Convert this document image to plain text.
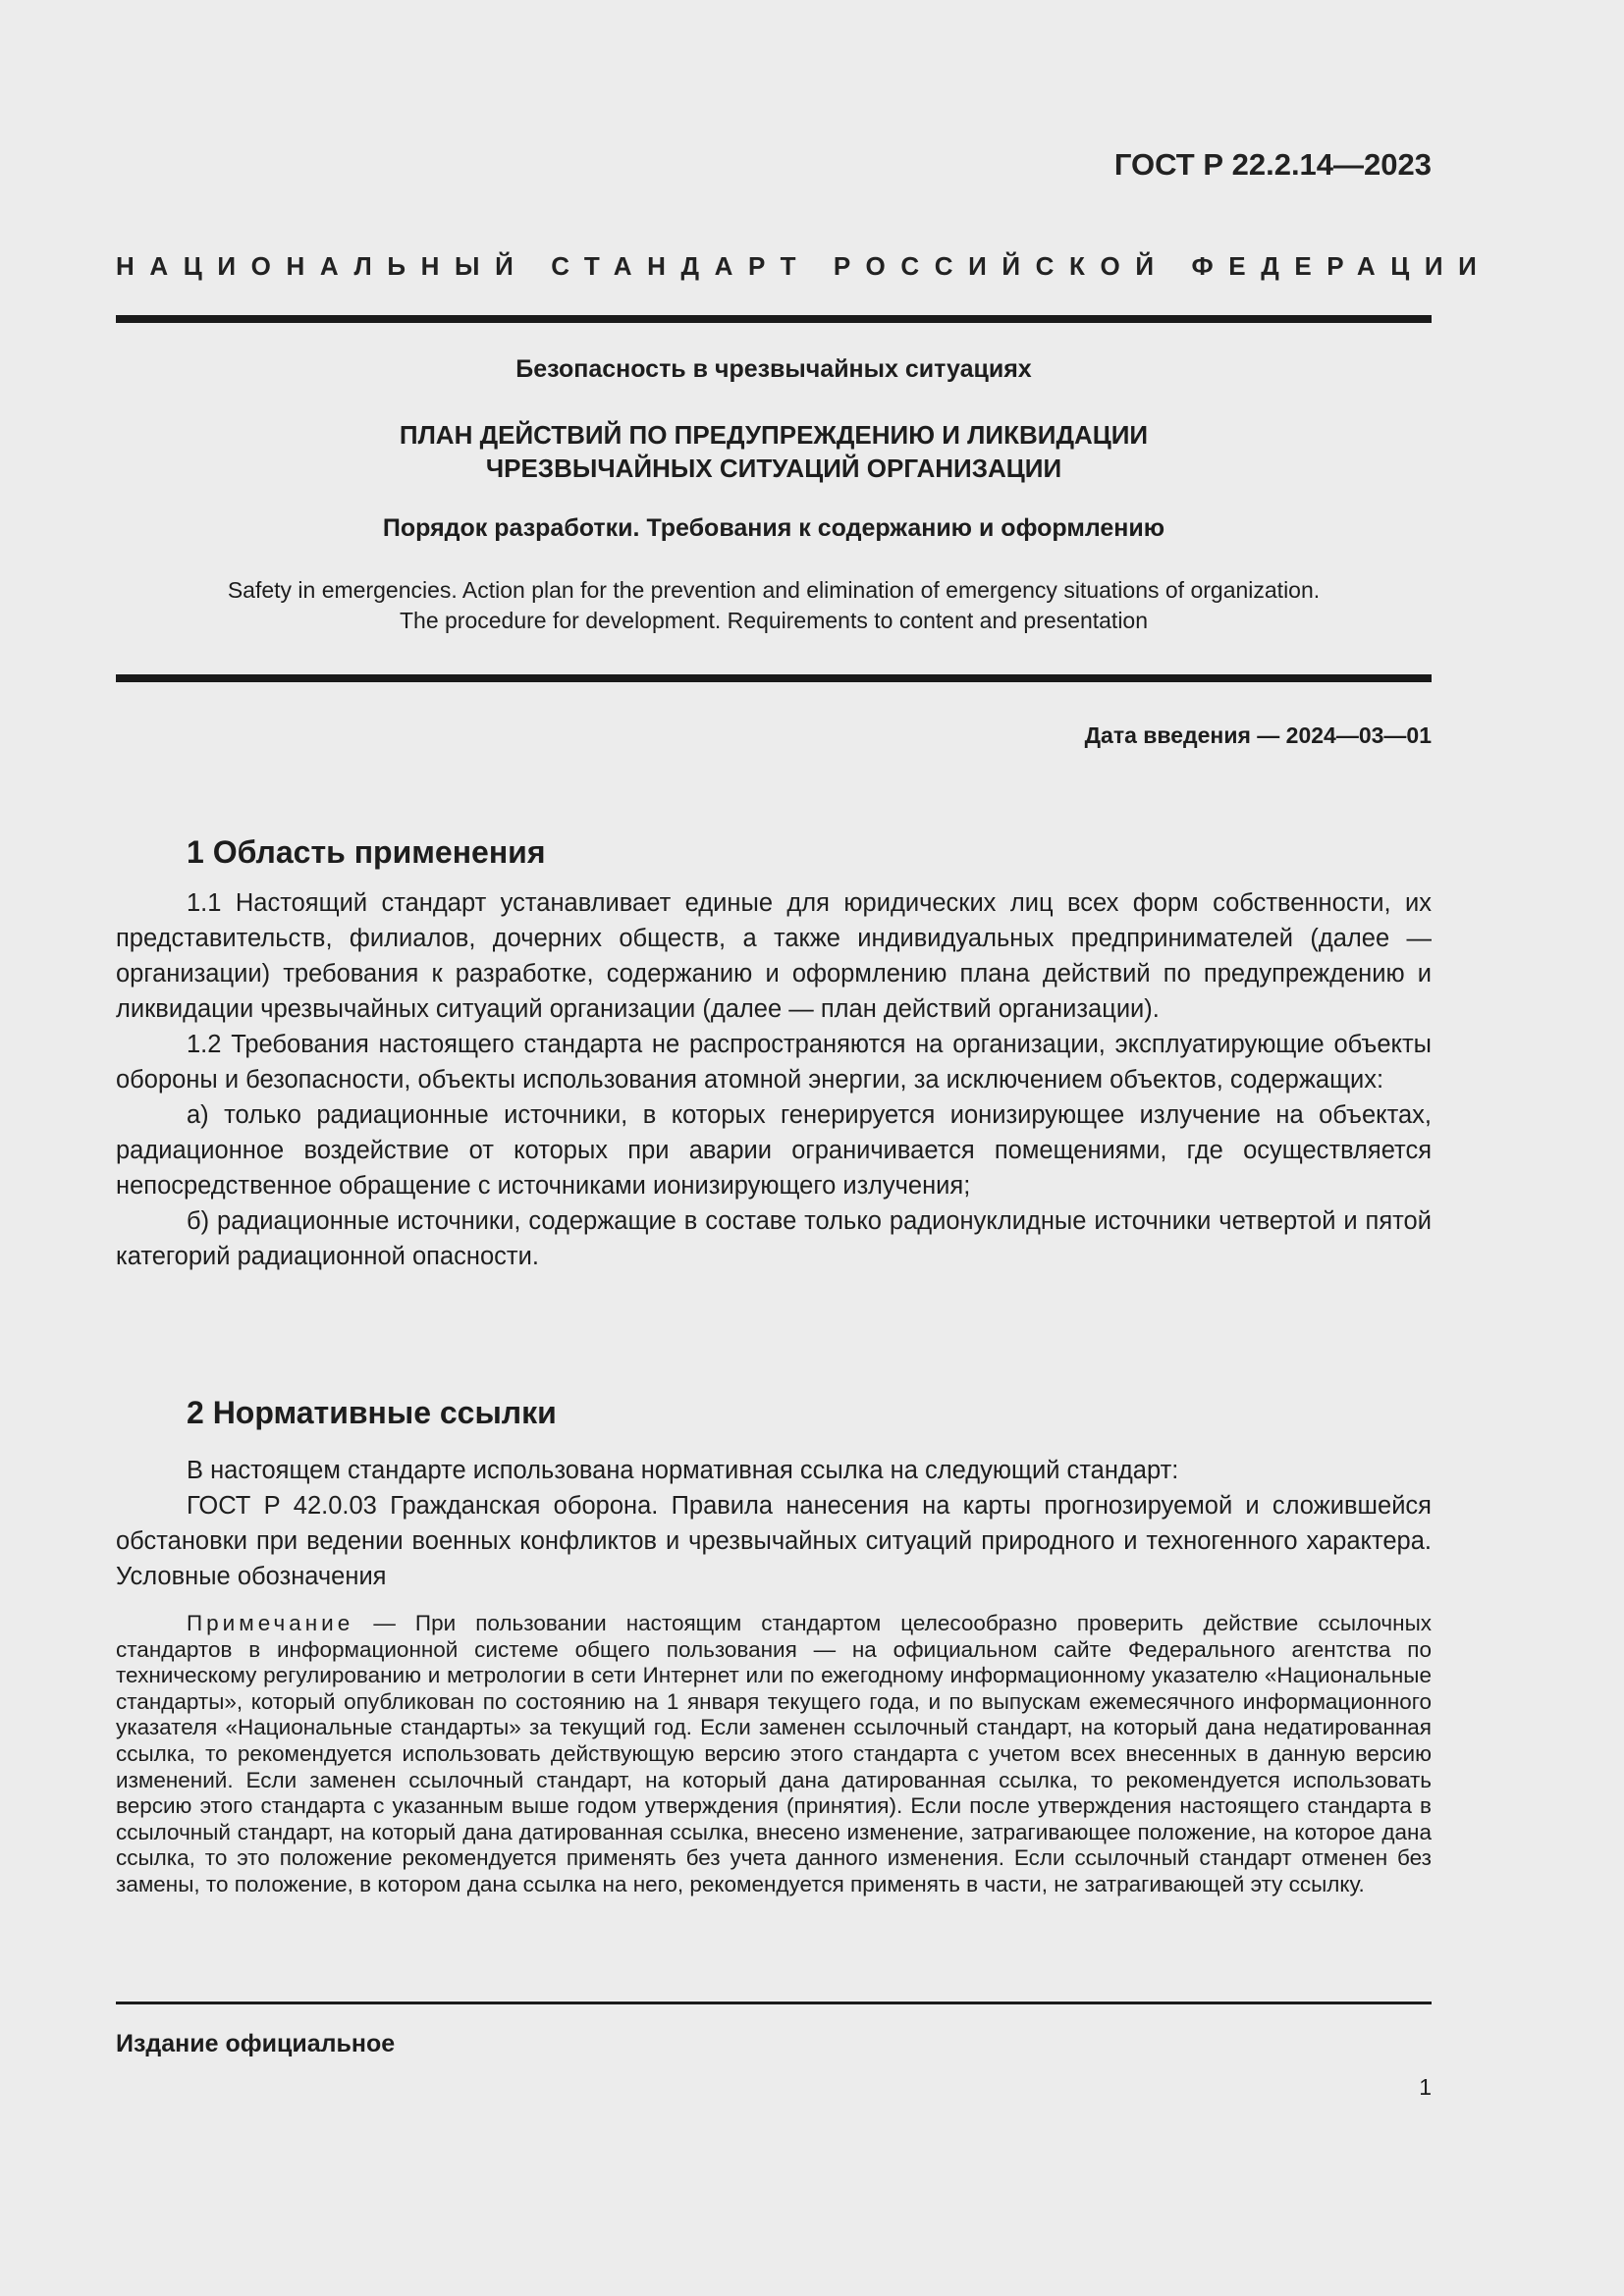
ГОСТ Р 22.2.14—2023
НАЦИОНАЛЬНЫЙ СТАНДАРТ РОССИЙСКОЙ ФЕДЕРАЦИИ
Безопасность в чрезвычайных ситуациях
ПЛАН ДЕЙСТВИЙ ПО ПРЕДУПРЕЖДЕНИЮ И ЛИКВИДАЦИИ
ЧРЕЗВЫЧАЙНЫХ СИТУАЦИЙ ОРГАНИЗАЦИИ
Порядок разработки. Требования к содержанию и оформлению
Safety in emergencies. Action plan for the prevention and elimination of emergency situations of organization.
The procedure for development. Requirements to content and presentation
Дата введения — 2024—03—01
1 Область применения

1.1 Настоящий стандарт устанавливает единые для юридических лиц всех форм собственности, их представительств, филиалов, дочерних обществ, а также индивидуальных предпринимателей (далее — организации) требования к разработке, содержанию и оформлению плана действий по предупреждению и ликвидации чрезвычайных ситуаций организации (далее — план действий организации).

1.2 Требования настоящего стандарта не распространяются на организации, эксплуатирующие объекты обороны и безопасности, объекты использования атомной энергии, за исключением объектов, содержащих:

а) только радиационные источники, в которых генерируется ионизирующее излучение на объектах, радиационное воздействие от которых при аварии ограничивается помещениями, где осуществляется непосредственное обращение с источниками ионизирующего излучения;

б) радиационные источники, содержащие в составе только радионуклидные источники четвертой и пятой категорий радиационной опасности.

2 Нормативные ссылки

В настоящем стандарте использована нормативная ссылка на следующий стандарт:

ГОСТ Р 42.0.03 Гражданская оборона. Правила нанесения на карты прогнозируемой и сложившейся обстановки при ведении военных конфликтов и чрезвычайных ситуаций природного и техногенного характера. Условные обозначения

Примечание — При пользовании настоящим стандартом целесообразно проверить действие ссылочных стандартов в информационной системе общего пользования — на официальном сайте Федерального агентства по техническому регулированию и метрологии в сети Интернет или по ежегодному информационному указателю «Национальные стандарты», который опубликован по состоянию на 1 января текущего года, и по выпускам ежемесячного информационного указателя «Национальные стандарты» за текущий год. Если заменен ссылочный стандарт, на который дана недатированная ссылка, то рекомендуется использовать действующую версию этого стандарта с учетом всех внесенных в данную версию изменений. Если заменен ссылочный стандарт, на который дана датированная ссылка, то рекомендуется использовать версию этого стандарта с указанным выше годом утверждения (принятия). Если после утверждения настоящего стандарта в ссылочный стандарт, на который дана датированная ссылка, внесено изменение, затрагивающее положение, на которое дана ссылка, то это положение рекомендуется применять без учета данного изменения. Если ссылочный стандарт отменен без замены, то положение, в котором дана ссылка на него, рекомендуется применять в части, не затрагивающей эту ссылку.
Издание официальное
1
